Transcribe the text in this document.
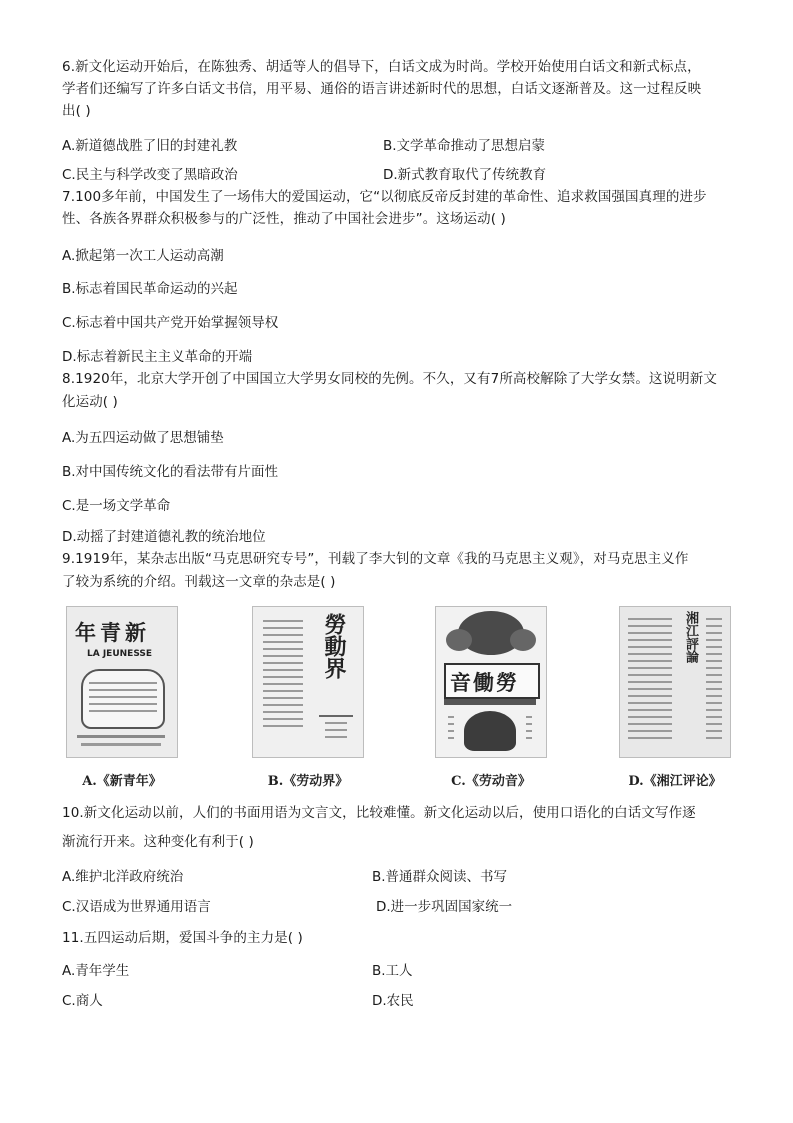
6.新文化运动开始后，在陈独秀、胡适等人的倡导下，白话文成为时尚。学校开始使用白话文和新式标点，
学者们还编写了许多白话文书信，用平易、通俗的语言讲述新时代的思想，白话文逐渐普及。这一过程反映
出( )
A.新道德战胜了旧的封建礼教	B.文学革命推动了思想启蒙
C.民主与科学改变了黑暗政治	D.新式教育取代了传统教育
7.100多年前，中国发生了一场伟大的爱国运动，它“以彻底反帝反封建的革命性、追求救国强国真理的进步
性、各族各界群众积极参与的广泛性，推动了中国社会进步”。这场运动( )
A.掀起第一次工人运动高潮
B.标志着国民革命运动的兴起
C.标志着中国共产党开始掌握领导权
D.标志着新民主主义革命的开端
8.1920年，北京大学开创了中国国立大学男女同校的先例。不久，又有7所高校解除了大学女禁。这说明新文
化运动( )
A.为五四运动做了思想铺垫
B.对中国传统文化的看法带有片面性
C.是一场文学革命
D.动摇了封建道德礼教的统治地位
9.1919年，某杂志出版“马克思研究专号”，刊载了李大钊的文章《我的马克思主义观》，对马克思主义作
了较为系统的介绍。刊载这一文章的杂志是( )
年青新
LA JEUNESSE
A.《新青年》
勞動界
B.《劳动界》
音働勞
C.《劳动音》
湘江評論
D.《湘江评论》
10.新文化运动以前，人们的书面用语为文言文，比较难懂。新文化运动以后，使用口语化的白话文写作逐
渐流行开来。这种变化有利于( )
A.维护北洋政府统治	B.普通群众阅读、书写
C.汉语成为世界通用语言	D.进一步巩固国家统一
11.五四运动后期，爱国斗争的主力是( )
A.青年学生	B.工人
C.商人	D.农民
